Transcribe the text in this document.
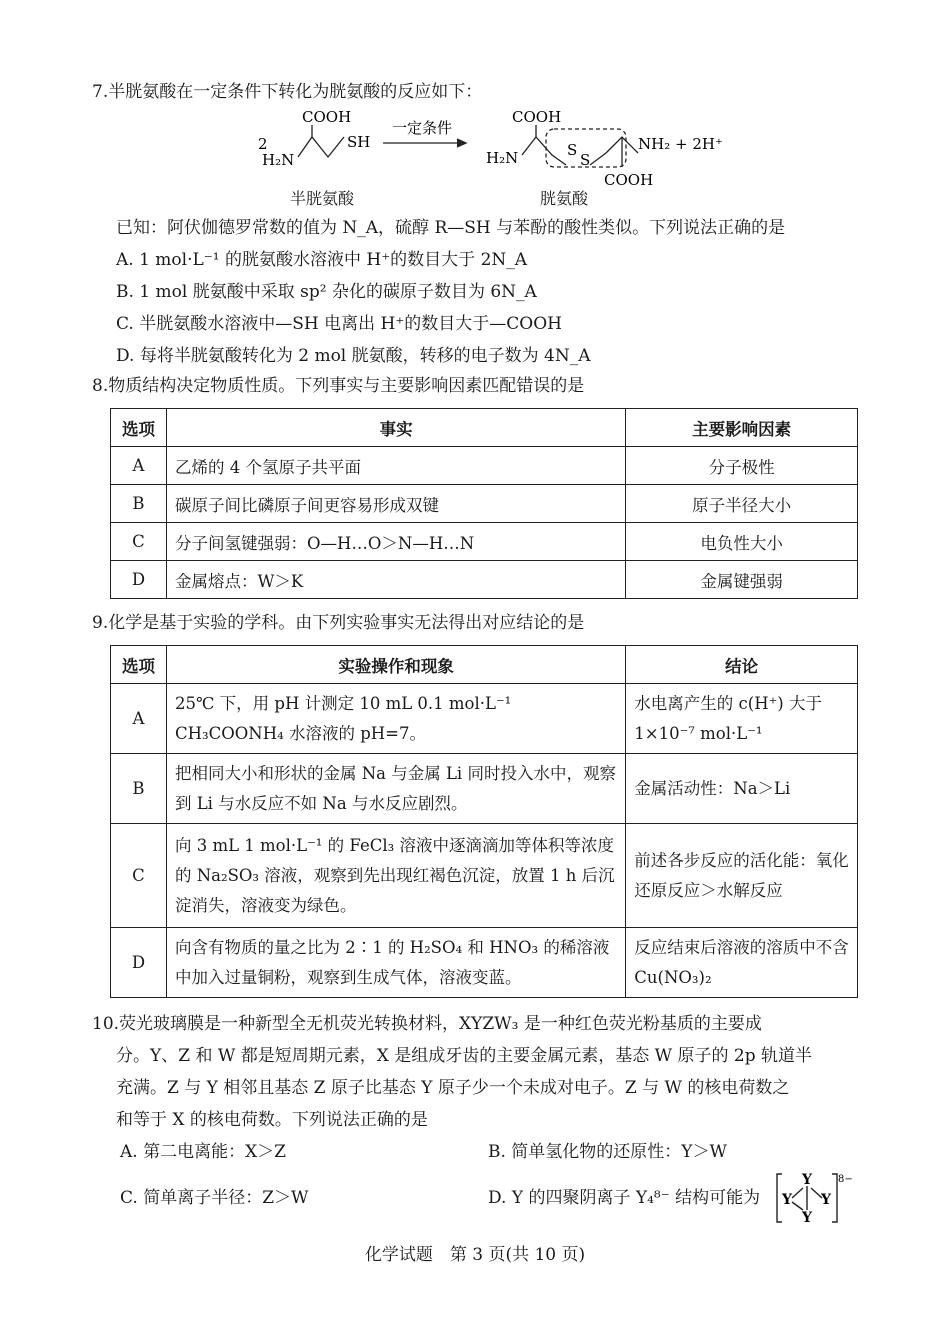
7.半胱氨酸在一定条件下转化为胱氨酸的反应如下：
2
COOH
SH
H₂N
一定条件
COOH
H₂N	S
S
NH₂ + 2H⁺
COOH
半胱氨酸	胱氨酸
已知：阿伏伽德罗常数的值为 N_A，硫醇 R—SH 与苯酚的酸性类似。下列说法正确的是
A. 1 mol·L⁻¹ 的胱氨酸水溶液中 H⁺的数目大于 2N_A
B. 1 mol 胱氨酸中采取 sp² 杂化的碳原子数目为 6N_A
C. 半胱氨酸水溶液中—SH 电离出 H⁺的数目大于—COOH
D. 每将半胱氨酸转化为 2 mol 胱氨酸，转移的电子数为 4N_A
8.物质结构决定物质性质。下列事实与主要影响因素匹配错误的是
选项	事实	主要影响因素
A	乙烯的 4 个氢原子共平面	分子极性
B	碳原子间比磷原子间更容易形成双键	原子半径大小
C	分子间氢键强弱：O—H…O＞N—H…N	电负性大小
D	金属熔点：W＞K	金属键强弱
9.化学是基于实验的学科。由下列实验事实无法得出对应结论的是
选项	实验操作和现象	结论
A	25℃ 下，用 pH 计测定 10 mL 0.1 mol·L⁻¹ CH₃COONH₄ 水溶液的 pH=7。	水电离产生的 c(H⁺) 大于 1×10⁻⁷ mol·L⁻¹
B	把相同大小和形状的金属 Na 与金属 Li 同时投入水中，观察到 Li 与水反应不如 Na 与水反应剧烈。	金属活动性：Na＞Li
C	向 3 mL 1 mol·L⁻¹ 的 FeCl₃ 溶液中逐滴滴加等体积等浓度的 Na₂SO₃ 溶液，观察到先出现红褐色沉淀，放置 1 h 后沉淀消失，溶液变为绿色。	前述各步反应的活化能：氧化还原反应＞水解反应
D	向含有物质的量之比为 2∶1 的 H₂SO₄ 和 HNO₃ 的稀溶液中加入过量铜粉，观察到生成气体，溶液变蓝。	反应结束后溶液的溶质中不含 Cu(NO₃)₂
10.荧光玻璃膜是一种新型全无机荧光转换材料，XYZW₃ 是一种红色荧光粉基质的主要成
分。Y、Z 和 W 都是短周期元素，X 是组成牙齿的主要金属元素，基态 W 原子的 2p 轨道半
充满。Z 与 Y 相邻且基态 Z 原子比基态 Y 原子少一个未成对电子。Z 与 W 的核电荷数之
和等于 X 的核电荷数。下列说法正确的是
A. 第二电离能：X＞Z	B. 简单氢化物的还原性：Y＞W
C. 简单离子半径：Z＞W	D. Y 的四聚阴离子 Y₄⁸⁻ 结构可能为
Y
Y Y
Y
8−
化学试题　第 3 页(共 10 页)
